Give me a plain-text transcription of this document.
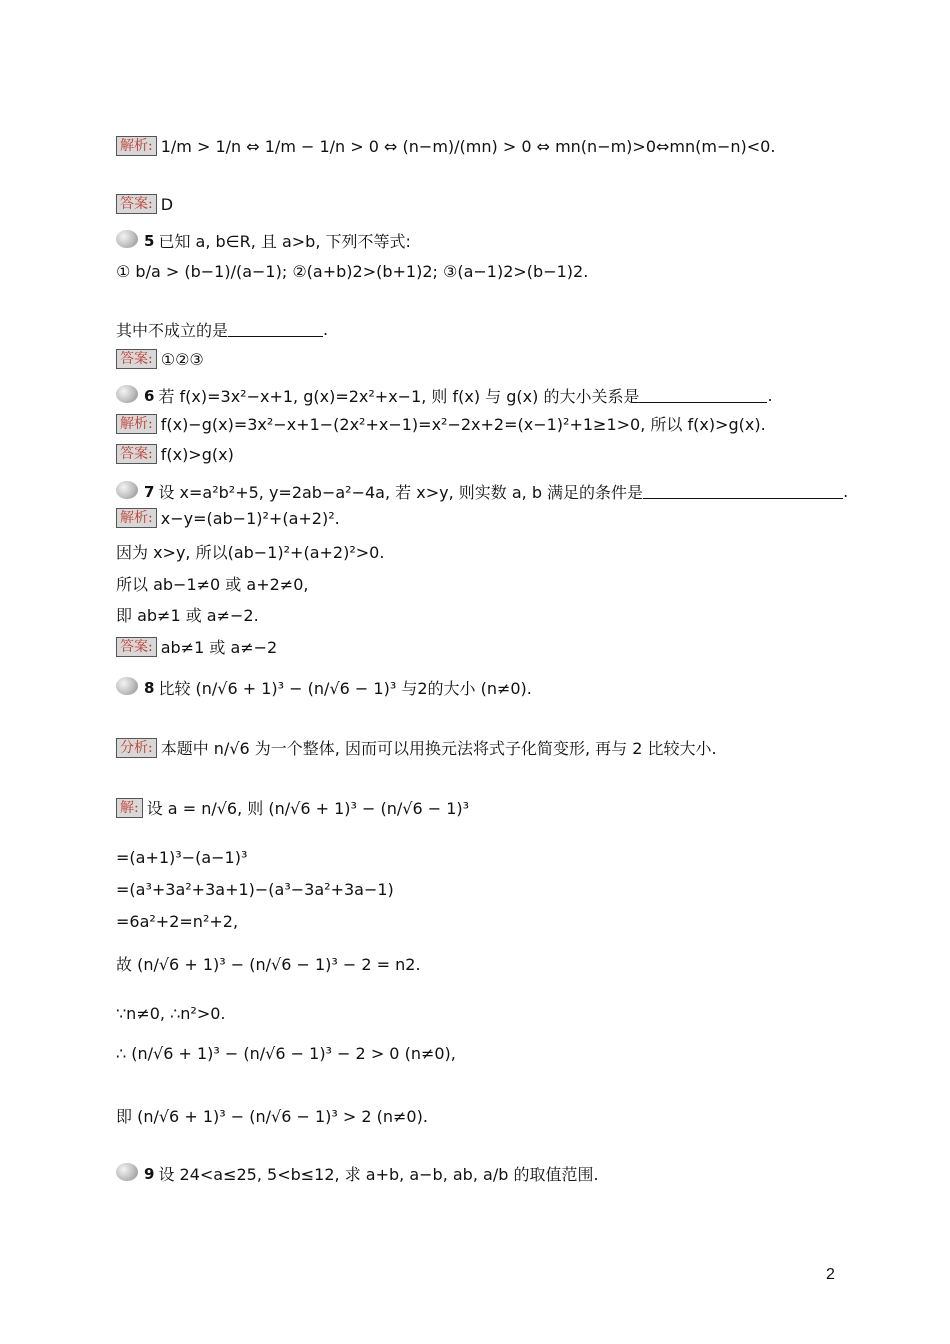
解析: 1/m > 1/n ⇔ 1/m − 1/n > 0 ⇔ (n−m)/(mn) > 0 ⇔ mn(n−m)>0⇔mn(m−n)<0.
答案: D
5 已知 a, b∈R, 且 a>b, 下列不等式:
① b/a > (b−1)/(a−1); ②(a+b)2>(b+1)2; ③(a−1)2>(b−1)2.
其中不成立的是	.
答案: ①②③
6 若 f(x)=3x²−x+1, g(x)=2x²+x−1, 则 f(x) 与 g(x) 的大小关系是	.
解析: f(x)−g(x)=3x²−x+1−(2x²+x−1)=x²−2x+2=(x−1)²+1≥1>0, 所以 f(x)>g(x).
答案: f(x)>g(x)
7 设 x=a²b²+5, y=2ab−a²−4a, 若 x>y, 则实数 a, b 满足的条件是	.
解析: x−y=(ab−1)²+(a+2)².
因为 x>y, 所以(ab−1)²+(a+2)²>0.
所以 ab−1≠0 或 a+2≠0,
即 ab≠1 或 a≠−2.
答案: ab≠1 或 a≠−2
8 比较 (n/√6 + 1)³ − (n/√6 − 1)³ 与2的大小 (n≠0).
分析: 本题中 n/√6 为一个整体, 因而可以用换元法将式子化简变形, 再与 2 比较大小.
解: 设 a = n/√6, 则 (n/√6 + 1)³ − (n/√6 − 1)³
=(a+1)³−(a−1)³
=(a³+3a²+3a+1)−(a³−3a²+3a−1)
=6a²+2=n²+2,
故 (n/√6 + 1)³ − (n/√6 − 1)³ − 2 = n2.
∵n≠0, ∴n²>0.
∴ (n/√6 + 1)³ − (n/√6 − 1)³ − 2 > 0 (n≠0),
即 (n/√6 + 1)³ − (n/√6 − 1)³ > 2 (n≠0).
9 设 24<a≤25, 5<b≤12, 求 a+b, a−b, ab, a/b 的取值范围.
2
